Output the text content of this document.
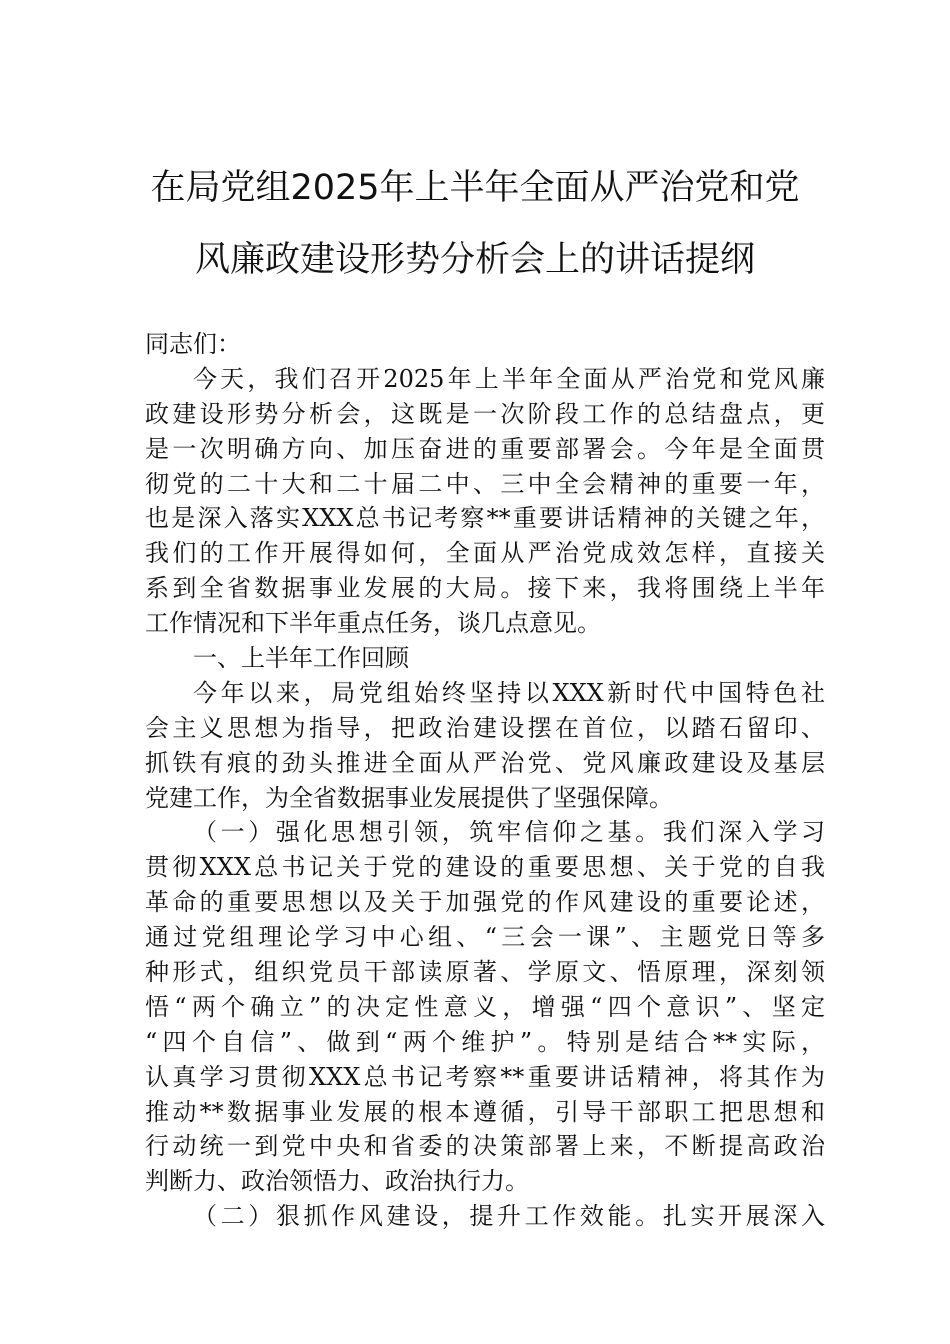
在局党组2025年上半年全面从严治党和党
风廉政建设形势分析会上的讲话提纲
同志们：
今天，我们召开2025年上半年全面从严治党和党风廉
政建设形势分析会，这既是一次阶段工作的总结盘点，更
是一次明确方向、加压奋进的重要部署会。今年是全面贯
彻党的二十大和二十届二中、三中全会精神的重要一年，
也是深入落实XXX总书记考察**重要讲话精神的关键之年，
我们的工作开展得如何，全面从严治党成效怎样，直接关
系到全省数据事业发展的大局。接下来，我将围绕上半年
工作情况和下半年重点任务，谈几点意见。
一、上半年工作回顾
今年以来，局党组始终坚持以XXX新时代中国特色社
会主义思想为指导，把政治建设摆在首位，以踏石留印、
抓铁有痕的劲头推进全面从严治党、党风廉政建设及基层
党建工作，为全省数据事业发展提供了坚强保障。
（一）强化思想引领，筑牢信仰之基。我们深入学习
贯彻XXX总书记关于党的建设的重要思想、关于党的自我
革命的重要思想以及关于加强党的作风建设的重要论述，
通过党组理论学习中心组、“三会一课”、主题党日等多
种形式，组织党员干部读原著、学原文、悟原理，深刻领
悟“两个确立”的决定性意义，增强“四个意识”、坚定
“四个自信”、做到“两个维护”。特别是结合**实际，
认真学习贯彻XXX总书记考察**重要讲话精神，将其作为
推动**数据事业发展的根本遵循，引导干部职工把思想和
行动统一到党中央和省委的决策部署上来，不断提高政治
判断力、政治领悟力、政治执行力。
（二）狠抓作风建设，提升工作效能。扎实开展深入
